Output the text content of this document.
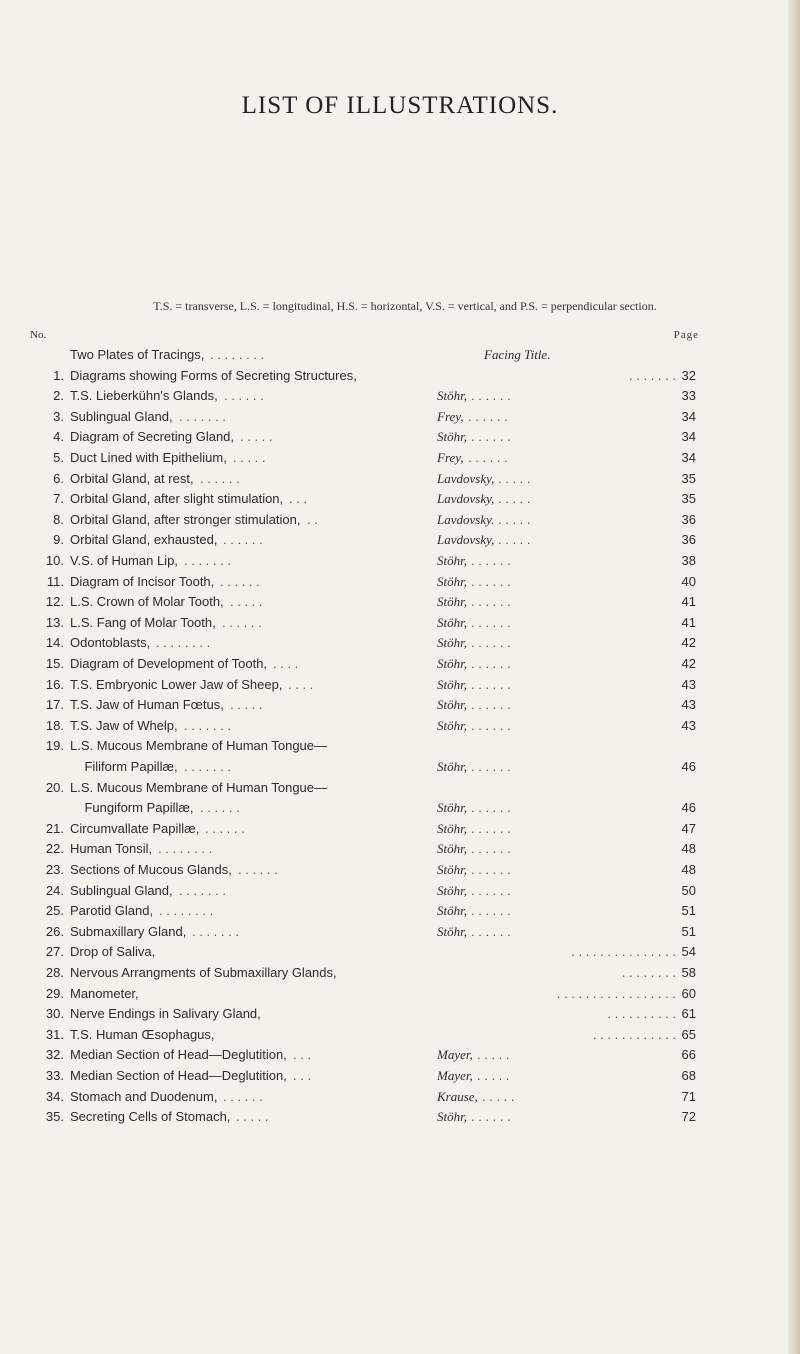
LIST OF ILLUSTRATIONS.
T.S. = transverse, L.S. = longitudinal, H.S. = horizontal, V.S. = vertical, and P.S. = perpendicular section.
No.	Page
Two Plates of Tracings, . . . . . . . .	Facing Title.
1. Diagrams showing Forms of Secreting Structures,	. . . . . . . 32
2. T.S. Lieberkühn's Glands, . . . . . .	Stöhr, . . . . . .	33
3. Sublingual Gland, . . . . . . .	Frey, . . . . . .	34
4. Diagram of Secreting Gland, . . . . .	Stöhr, . . . . . .	34
5. Duct Lined with Epithelium, . . . . .	Frey, . . . . . .	34
6. Orbital Gland, at rest, . . . . . .	Lavdovsky, . . . . .	35
7. Orbital Gland, after slight stimulation, . . .	Lavdovsky, . . . . .	35
8. Orbital Gland, after stronger stimulation, . .	Lavdovsky. . . . . .	36
9. Orbital Gland, exhausted, . . . . . .	Lavdovsky, . . . . .	36
10. V.S. of Human Lip, . . . . . . .	Stöhr, . . . . . .	38
11. Diagram of Incisor Tooth, . . . . . .	Stöhr, . . . . . .	40
12. L.S. Crown of Molar Tooth, . . . . .	Stöhr, . . . . . .	41
13. L.S. Fang of Molar Tooth, . . . . . .	Stöhr, . . . . . .	41
14. Odontoblasts, . . . . . . . .	Stöhr, . . . . . .	42
15. Diagram of Development of Tooth, . . . .	Stöhr, . . . . . .	42
16. T.S. Embryonic Lower Jaw of Sheep, . . . .	Stöhr, . . . . . .	43
17. T.S. Jaw of Human Fœtus, . . . . .	Stöhr, . . . . . .	43
18. T.S. Jaw of Whelp, . . . . . . .	Stöhr, . . . . . .	43
19. L.S. Mucous Membrane of Human Tongue—
Filiform Papillæ, . . . . . . .	Stöhr, . . . . . .	46
20. L.S. Mucous Membrane of Human Tongue—
Fungiform Papillæ, . . . . . .	Stöhr, . . . . . .	46
21. Circumvallate Papillæ, . . . . . .	Stöhr, . . . . . .	47
22. Human Tonsil, . . . . . . . .	Stöhr, . . . . . .	48
23. Sections of Mucous Glands, . . . . . .	Stöhr, . . . . . .	48
24. Sublingual Gland, . . . . . . .	Stöhr, . . . . . .	50
25. Parotid Gland, . . . . . . . .	Stöhr, . . . . . .	51
26. Submaxillary Gland, . . . . . . .	Stöhr, . . . . . .	51
27. Drop of Saliva,	. . . . . . . . . . . . . . . 54
28. Nervous Arrangments of Submaxillary Glands,	. . . . . . . . 58
29. Manometer,	. . . . . . . . . . . . . . . . . 60
30. Nerve Endings in Salivary Gland,	. . . . . . . . . . 61
31. T.S. Human Œsophagus,	. . . . . . . . . . . . 65
32. Median Section of Head—Deglutition, . . .	Mayer, . . . . .	66
33. Median Section of Head—Deglutition, . . .	Mayer, . . . . .	68
34. Stomach and Duodenum, . . . . . .	Krause, . . . . .	71
35. Secreting Cells of Stomach, . . . . .	Stöhr, . . . . . .	72
